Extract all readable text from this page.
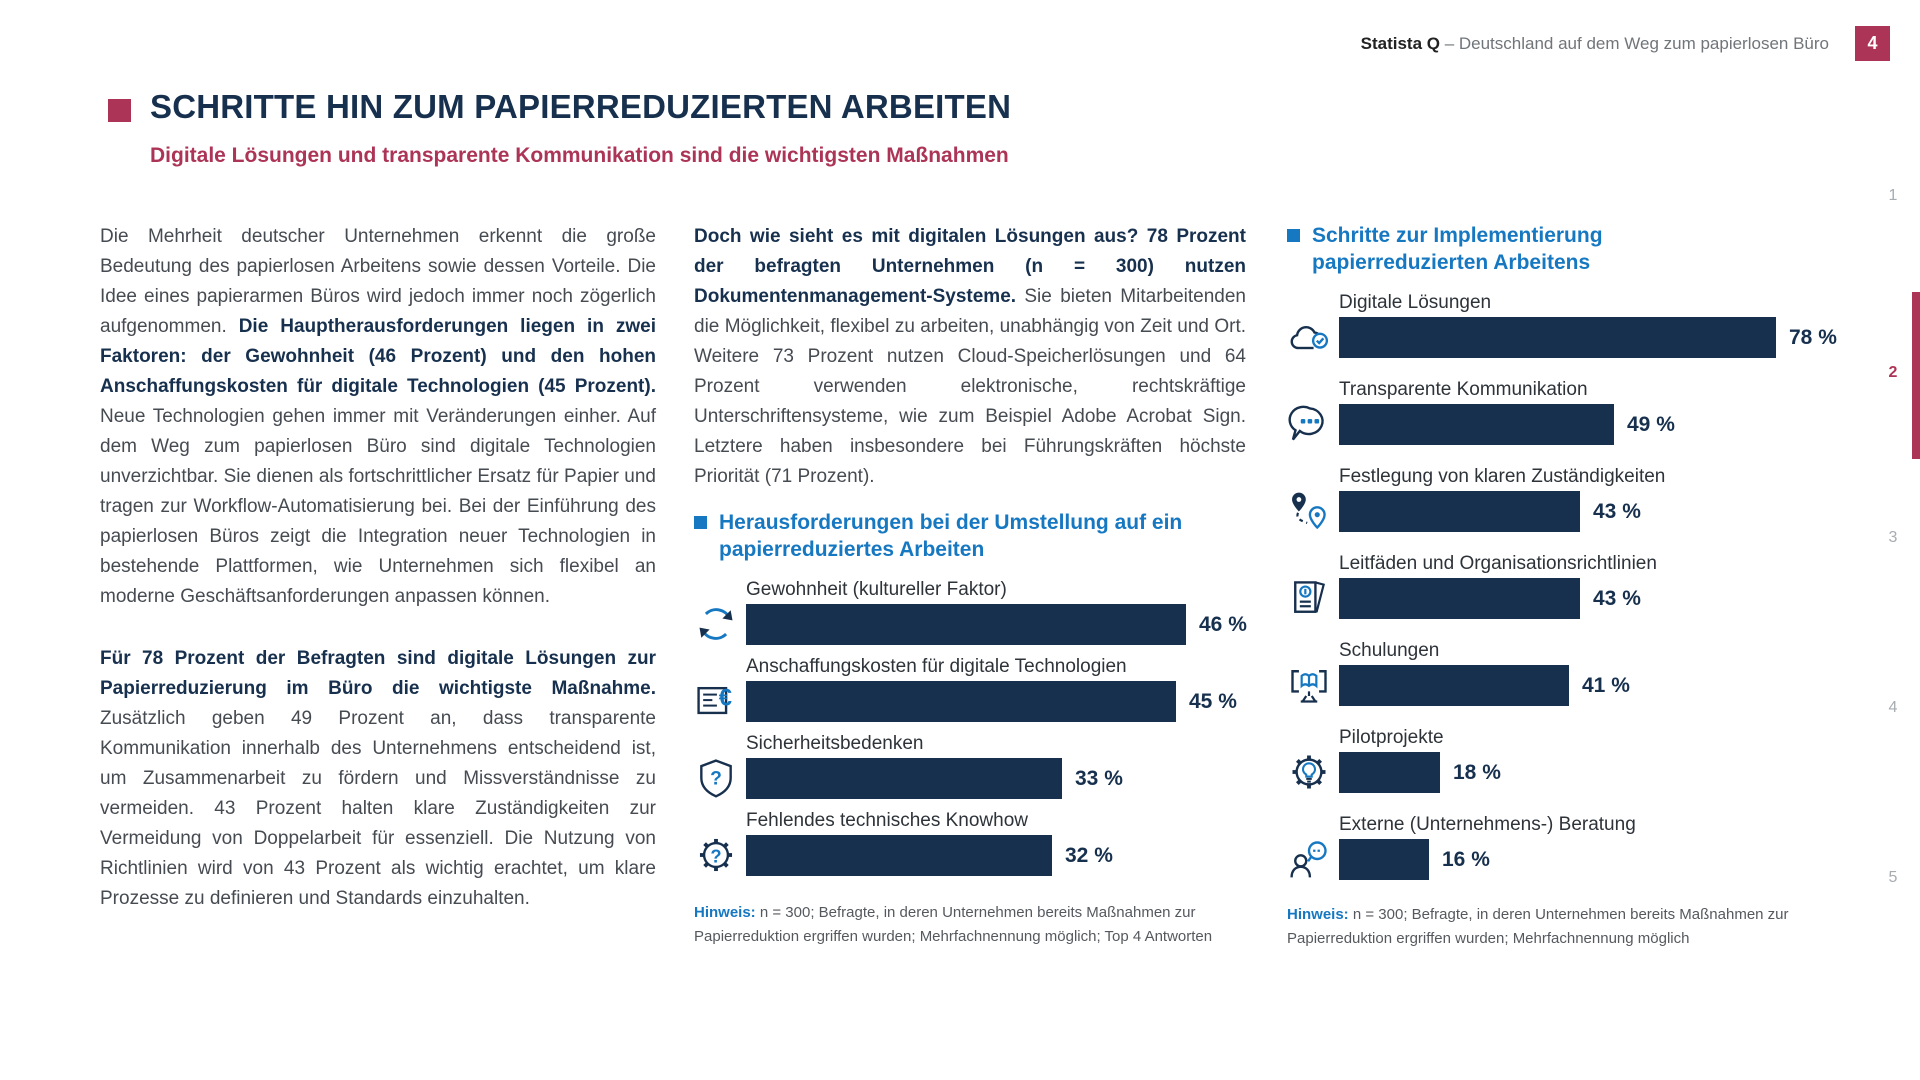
Statista Q – Deutschland auf dem Weg zum papierlosen Büro	4
SCHRITTE HIN ZUM PAPIERREDUZIERTEN ARBEITEN
Digitale Lösungen und transparente Kommunikation sind die wichtigsten Maßnahmen

Die Mehrheit deutscher Unternehmen erkennt die große Bedeutung des papierlosen Arbeitens sowie dessen Vorteile. Die Idee eines papierarmen Büros wird jedoch immer noch zögerlich aufgenommen. Die Hauptherausforderungen liegen in zwei Faktoren: der Gewohnheit (46 Prozent) und den hohen Anschaffungskosten für digitale Technologien (45 Prozent). Neue Technologien gehen immer mit Veränderungen einher. Auf dem Weg zum papierlosen Büro sind digitale Technologien unverzichtbar. Sie dienen als fortschrittlicher Ersatz für Papier und tragen zur Workflow-Automatisierung bei. Bei der Einführung des papierlosen Büros zeigt die Integration neuer Technologien in bestehende Plattformen, wie Unternehmen sich flexibel an moderne Geschäftsanforderungen anpassen können.

Für 78 Prozent der Befragten sind digitale Lösungen zur Papierreduzierung im Büro die wichtigste Maßnahme. Zusätzlich geben 49 Prozent an, dass transparente Kommunikation innerhalb des Unternehmens entscheidend ist, um Zusammenarbeit zu fördern und Missverständnisse zu vermeiden. 43 Prozent halten klare Zuständigkeiten zur Vermeidung von Doppelarbeit für essenziell. Die Nutzung von Richtlinien wird von 43 Prozent als wichtig erachtet, um klare Prozesse zu definieren und Standards einzuhalten.

Doch wie sieht es mit digitalen Lösungen aus? 78 Prozent der befragten Unternehmen (n = 300) nutzen Dokumentenmanagement-Systeme. Sie bieten Mitarbeitenden die Möglichkeit, flexibel zu arbeiten, unabhängig von Zeit und Ort. Weitere 73 Prozent nutzen Cloud-Speicherlösungen und 64 Prozent verwenden elektronische, rechtskräftige Unterschriftensysteme, wie zum Beispiel Adobe Acrobat Sign. Letztere haben insbesondere bei Führungskräften höchste Priorität (71 Prozent).

Herausforderungen bei der Umstellung auf ein papierreduziertes Arbeiten
Gewohnheit (kultureller Faktor)
46 %
Anschaffungskosten für digitale Technologien
45 %
Sicherheitsbedenken
33 %
Fehlendes technisches Knowhow
32 %
Hinweis: n = 300; Befragte, in deren Unternehmen bereits Maßnahmen zur Papierreduktion ergriffen wurden; Mehrfachnennung möglich; Top 4 Antworten
Schritte zur Implementierung papierreduzierten Arbeitens
Digitale Lösungen
78 %
Transparente Kommunikation
49 %
Festlegung von klaren Zuständigkeiten
43 %
Leitfäden und Organisationsrichtlinien
43 %
Schulungen
41 %
Pilotprojekte
18 %
Externe (Unternehmens-) Beratung
16 %
Hinweis: n = 300; Befragte, in deren Unternehmen bereits Maßnahmen zur Papierreduktion ergriffen wurden; Mehrfachnennung möglich
1
2
3
4
5
